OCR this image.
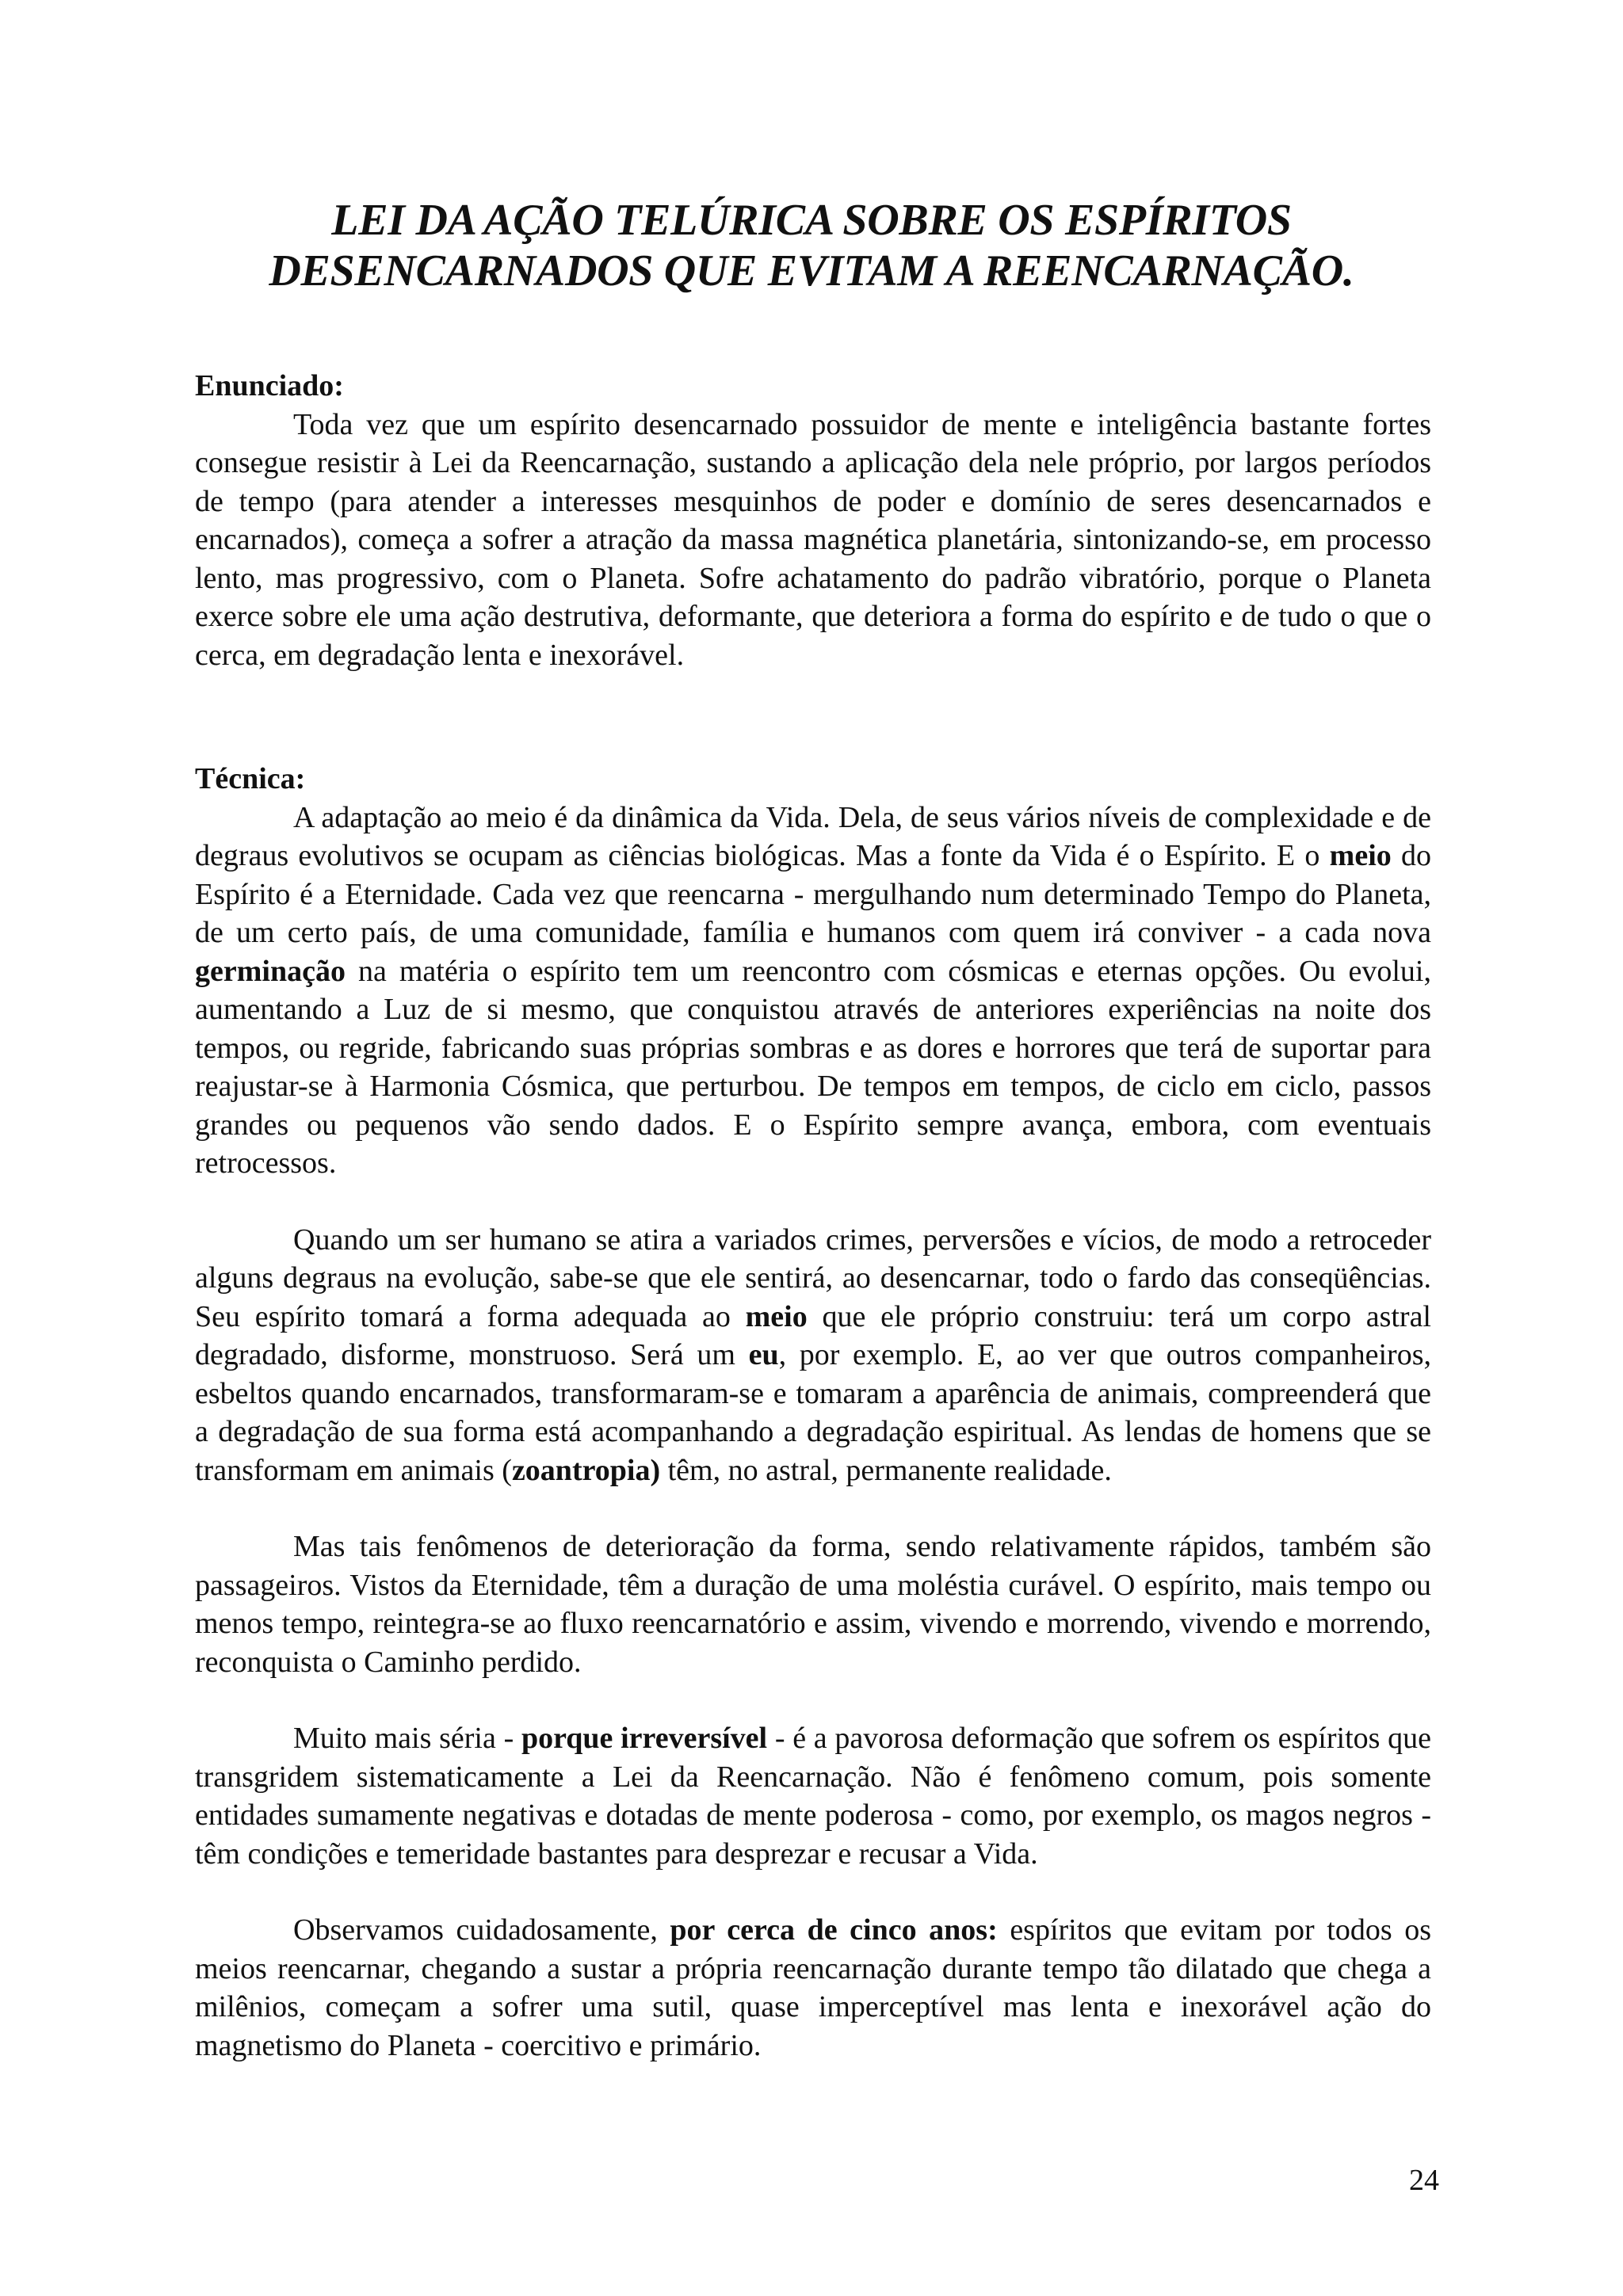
LEI DA AÇÃO TELÚRICA SOBRE OS ESPÍRITOS
DESENCARNADOS QUE EVITAM A REENCARNAÇÃO.

Enunciado:

Toda vez que um espírito desencarnado possuidor de mente e inteligência bastante fortes consegue resistir à Lei da Reencarnação, sustando a aplicação dela nele próprio, por largos períodos de tempo (para atender a interesses mesquinhos de poder e domínio de seres desencarnados e encarnados), começa a sofrer a atração da massa magnética planetária, sintonizando-se, em processo lento, mas progressivo, com o Planeta. Sofre achatamento do padrão vibratório, porque o Planeta exerce sobre ele uma ação destrutiva, deformante, que deteriora a forma do espírito e de tudo o que o cerca, em degradação lenta e inexorável.

Técnica:

A adaptação ao meio é da dinâmica da Vida. Dela, de seus vários níveis de complexidade e de degraus evolutivos se ocupam as ciências biológicas. Mas a fonte da Vida é o Espírito. E o meio do Espírito é a Eternidade. Cada vez que reencarna - mergulhando num determinado Tempo do Planeta, de um certo país, de uma comunidade, família e humanos com quem irá conviver - a cada nova germinação na matéria o espírito tem um reencontro com cósmicas e eternas opções. Ou evolui, aumentando a Luz de si mesmo, que conquistou através de anteriores experiências na noite dos tempos, ou regride, fabricando suas próprias sombras e as dores e horrores que terá de suportar para reajustar-se à Harmonia Cósmica, que perturbou. De tempos em tempos, de ciclo em ciclo, passos grandes ou pequenos vão sendo dados. E o Espírito sempre avança, embora, com eventuais retrocessos.

Quando um ser humano se atira a variados crimes, perversões e vícios, de modo a retroceder alguns degraus na evolução, sabe-se que ele sentirá, ao desencarnar, todo o fardo das conseqüências. Seu espírito tomará a forma adequada ao meio que ele próprio construiu: terá um corpo astral degradado, disforme, monstruoso. Será um eu, por exemplo. E, ao ver que outros companheiros, esbeltos quando encarnados, transformaram-se e tomaram a aparência de animais, compreenderá que a degradação de sua forma está acompanhando a degradação espiritual. As lendas de homens que se transformam em animais (zoantropia) têm, no astral, permanente realidade.

Mas tais fenômenos de deterioração da forma, sendo relativamente rápidos, também são passageiros. Vistos da Eternidade, têm a duração de uma moléstia curável. O espírito, mais tempo ou menos tempo, reintegra-se ao fluxo reencarnatório e assim, vivendo e morrendo, vivendo e morrendo, reconquista o Caminho perdido.

Muito mais séria - porque irreversível - é a pavorosa deformação que sofrem os espíritos que transgridem sistematicamente a Lei da Reencarnação. Não é fenômeno comum, pois somente entidades sumamente negativas e dotadas de mente poderosa - como, por exemplo, os magos negros - têm condições e temeridade bastantes para desprezar e recusar a Vida.

Observamos cuidadosamente, por cerca de cinco anos: espíritos que evitam por todos os meios reencarnar, chegando a sustar a própria reencarnação durante tempo tão dilatado que chega a milênios, começam a sofrer uma sutil, quase imperceptível mas lenta e inexorável ação do magnetismo do Planeta - coercitivo e primário.

24
